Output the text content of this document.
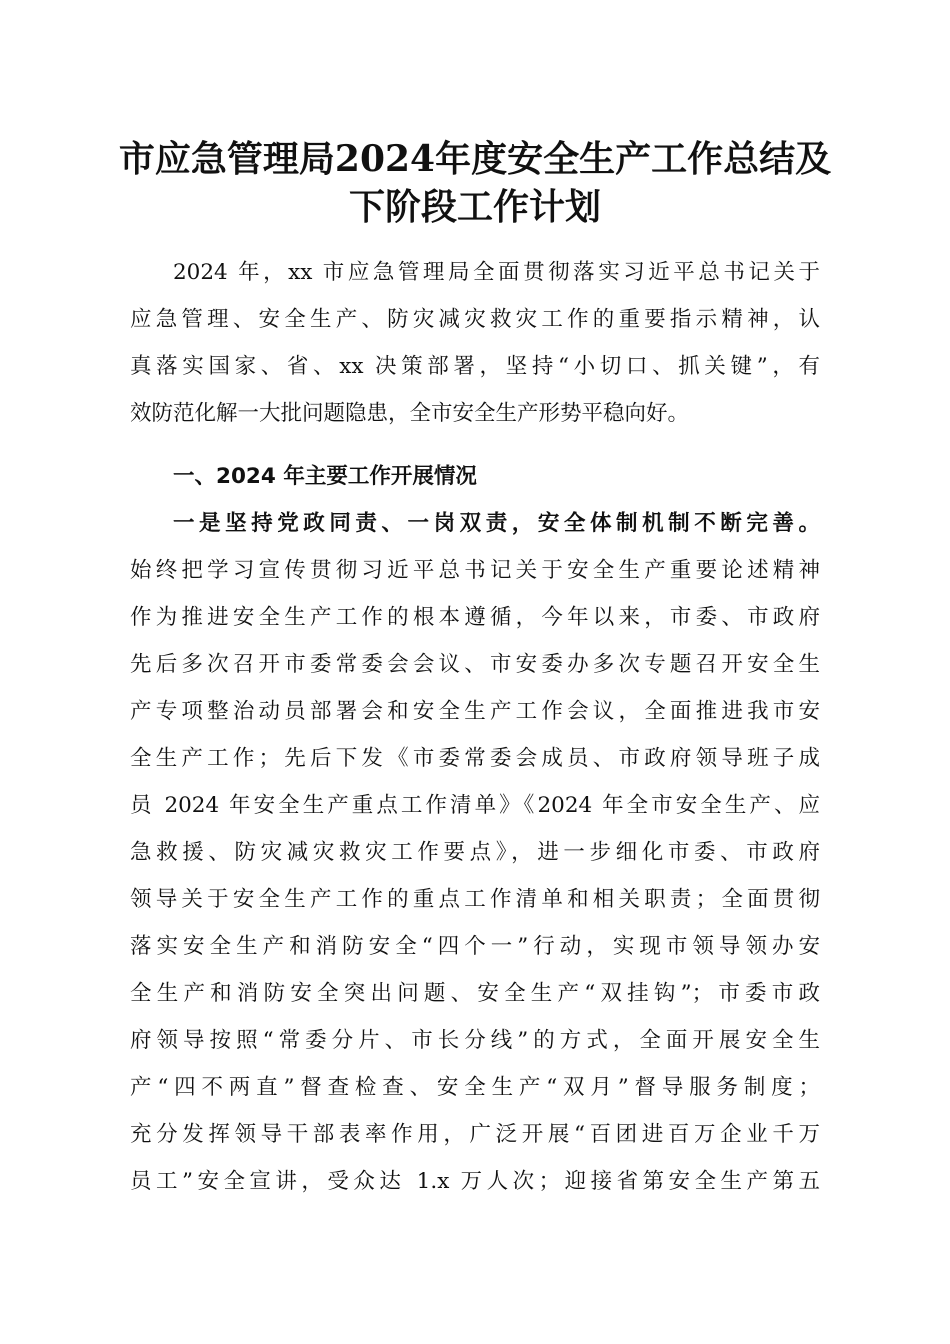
市应急管理局2024年度安全生产工作总结及
下阶段工作计划
2024 年，xx 市应急管理局全面贯彻落实习近平总书记关于
应急管理、安全生产、防灾减灾救灾工作的重要指示精神，认
真落实国家、省、xx 决策部署，坚持“小切口、抓关键”，有
效防范化解一大批问题隐患，全市安全生产形势平稳向好。
一、2024 年主要工作开展情况
一是坚持党政同责、一岗双责，安全体制机制不断完善。
始终把学习宣传贯彻习近平总书记关于安全生产重要论述精神
作为推进安全生产工作的根本遵循，今年以来，市委、市政府
先后多次召开市委常委会会议、市安委办多次专题召开安全生
产专项整治动员部署会和安全生产工作会议，全面推进我市安
全生产工作；先后下发《市委常委会成员、市政府领导班子成
员 2024 年安全生产重点工作清单》《2024 年全市安全生产、应
急救援、防灾减灾救灾工作要点》，进一步细化市委、市政府
领导关于安全生产工作的重点工作清单和相关职责；全面贯彻
落实安全生产和消防安全“四个一”行动，实现市领导领办安
全生产和消防安全突出问题、安全生产“双挂钩”；市委市政
府领导按照“常委分片、市长分线”的方式，全面开展安全生
产“四不两直”督查检查、安全生产“双月”督导服务制度；
充分发挥领导干部表率作用，广泛开展“百团进百万企业千万
员工”安全宣讲，受众达 1.x 万人次；迎接省第安全生产第五
